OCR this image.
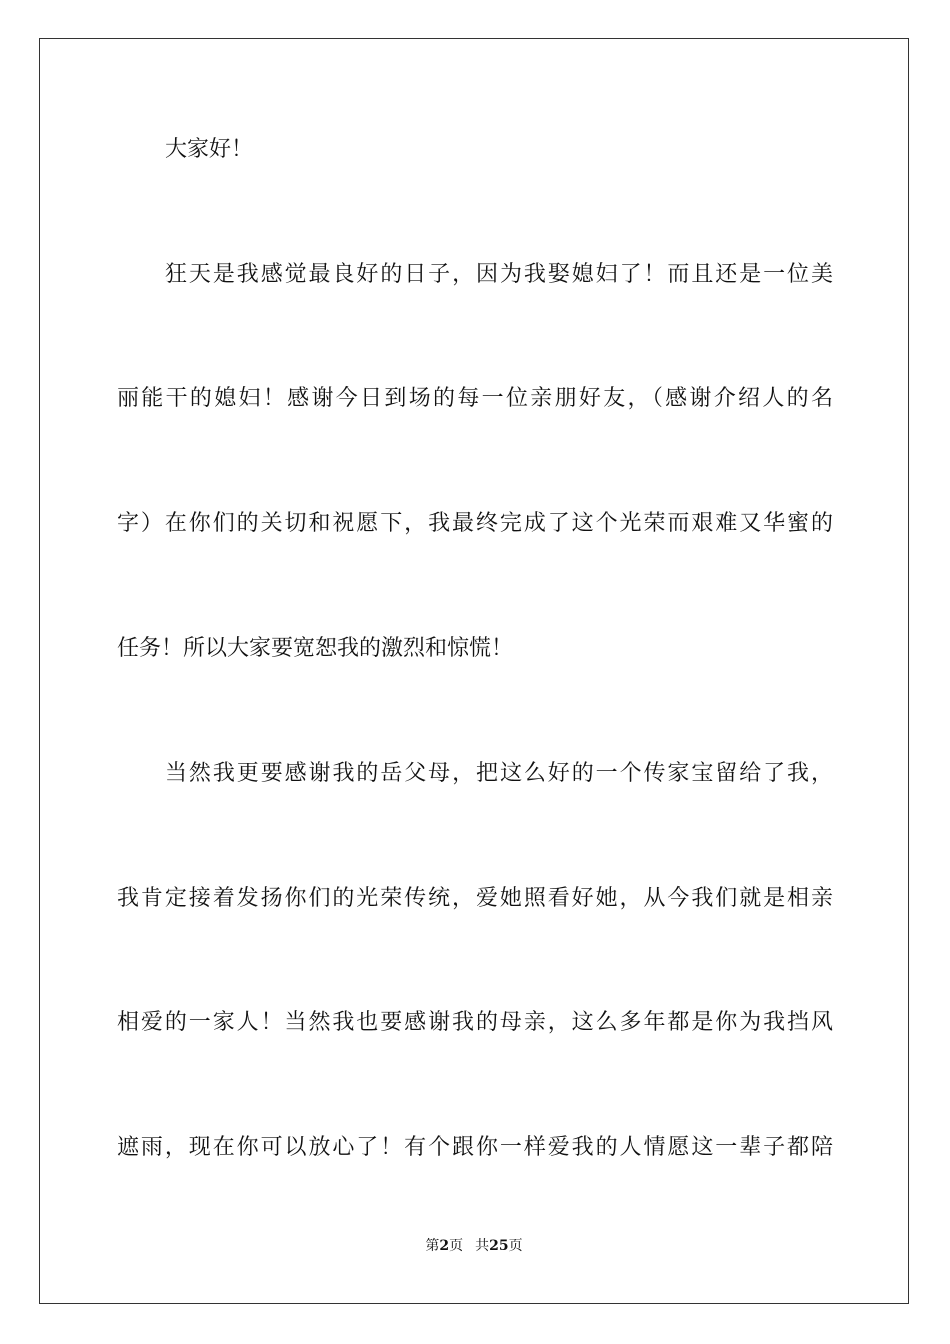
大家好！
狂天是我感觉最良好的日子，因为我娶媳妇了！而且还是一位美
丽能干的媳妇！感谢今日到场的每一位亲朋好友，（感谢介绍人的名
字）在你们的关切和祝愿下，我最终完成了这个光荣而艰难又华蜜的
任务！所以大家要宽恕我的激烈和惊慌！
当然我更要感谢我的岳父母，把这么好的一个传家宝留给了我，
我肯定接着发扬你们的光荣传统，爱她照看好她，从今我们就是相亲
相爱的一家人！当然我也要感谢我的母亲，这么多年都是你为我挡风
遮雨，现在你可以放心了！有个跟你一样爱我的人情愿这一辈子都陪
第2页 共25页
